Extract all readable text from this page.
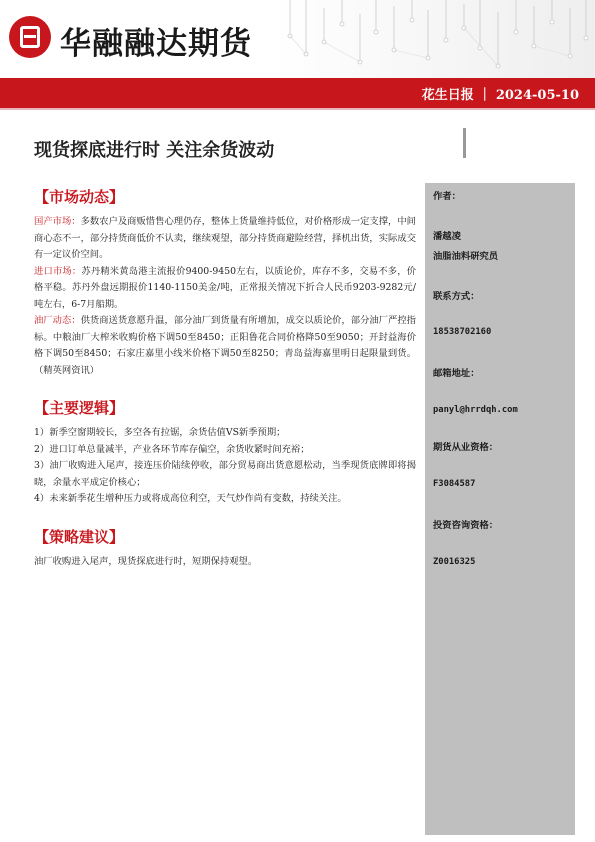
华融融达期货
花生日报 ｜ 2024-05-10
现货探底进行时 关注余货波动
【市场动态】

国产市场：多数农户及商贩惜售心理仍存，整体上货量维持低位，对价格形成一定支撑，中间商心态不一，部分持货商低价不认卖，继续观望，部分持货商避险经营，择机出货，实际成交有一定议价空间。

进口市场：苏丹精米黄岛港主流报价9400-9450左右，以质论价，库存不多，交易不多，价格平稳。苏丹外盘远期报价1140-1150美金/吨，正常报关情况下折合人民币9203-9282元/吨左右，6-7月船期。

油厂动态：供货商送货意愿升温，部分油厂到货量有所增加，成交以质论价，部分油厂严控指标。中粮油厂大榨米收购价格下调50至8450；正阳鲁花合同价格降50至9050；开封益海价格下调50至8450；石家庄嘉里小线米价格下调50至8250；青岛益海嘉里明日起限量到货。（精英网资讯）

【主要逻辑】

1）新季空窗期较长，多空各有拉锯，余货估值VS新季预期；

2）进口订单总量减半，产业各环节库存偏空，余货收紧时间充裕；

3）油厂收购进入尾声，接连压价陆续停收，部分贸易商出货意愿松动，当季现货底牌即将揭晓，余量水平成定价核心；

4）未来新季花生增种压力或将成高位利空，天气炒作尚有变数，持续关注。

【策略建议】

油厂收购进入尾声，现货探底进行时，短期保持观望。

作者：
潘越凌
油脂油料研究员
联系方式：
18538702160
邮箱地址：
panyl@hrrdqh.com
期货从业资格：
F3084587
投资咨询资格：
Z0016325
